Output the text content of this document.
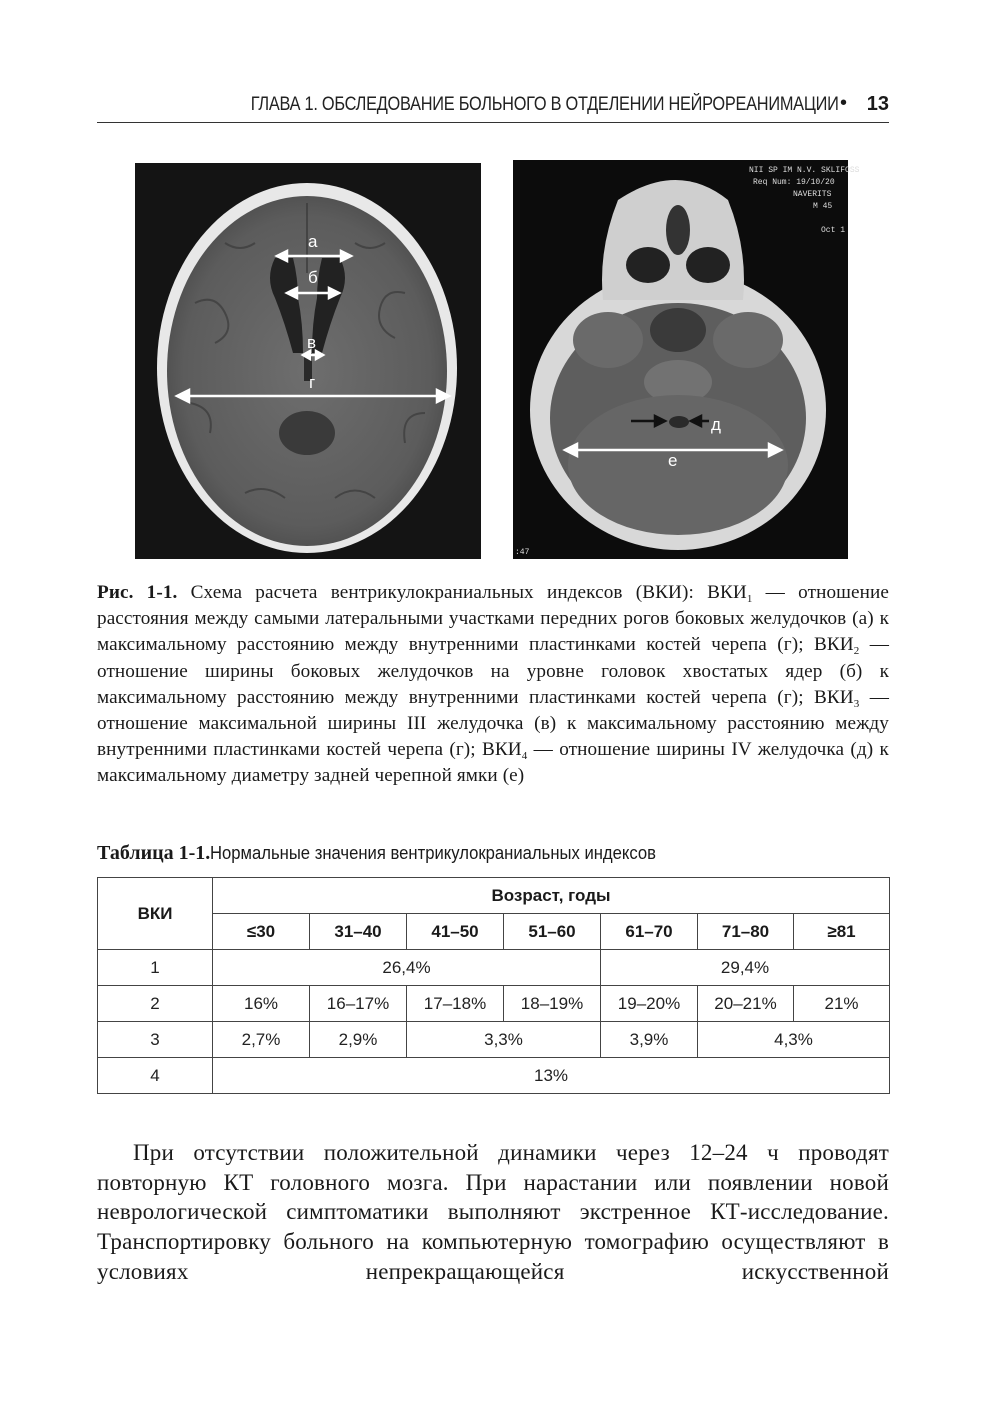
ГЛАВА 1. ОБСЛЕДОВАНИЕ БОЛЬНОГО В ОТДЕЛЕНИИ НЕЙРОРЕАНИМАЦИИ • 13
а
б
в
г
д
е
NII SP IM N.V. SKLIFOSS
Req Num: 19/10/20
NAVERITS
M 45
Oct 1
:47
Рис. 1-1. Схема расчета вентрикулокраниальных индексов (ВКИ): $ВКИ_1$ — отношение расстояния между самыми латеральными участками передних рогов боковых желудочков (а) к максимальному расстоянию между внутренними пластинками костей черепа (г); $ВКИ_2$ — отношение ширины боковых желудочков на уровне головок хвостатых ядер (б) к максимальному расстоянию между внутренними пластинками костей черепа (г); $ВКИ_3$ — отношение максимальной ширины III желудочка (в) к максимальному расстоянию между внутренними пластинками костей черепа (г); $ВКИ_4$ — отношение ширины IV желудочка (д) к максимальному диаметру задней черепной ямки (е)
Таблица 1-1.Нормальные значения вентрикулокраниальных индексов
ВКИ	Возраст, годы						
	≤30	31–40	41–50	51–60	61–70	71–80	≥81
1	26,4%				29,4%		
2	16%	16–17%	17–18%	18–19%	19–20%	20–21%	21%
3	2,7%	2,9%	3,3%		3,9%	4,3%	
4	13%						

При отсутствии положительной динамики через 12–24 ч проводят повторную КТ головного мозга. При нарастании или появлении новой неврологической симптоматики выполняют экстренное КТ-исследование. Транспортировку больного на компьютерную томографию осуществляют в условиях непрекращающейся искусственной
